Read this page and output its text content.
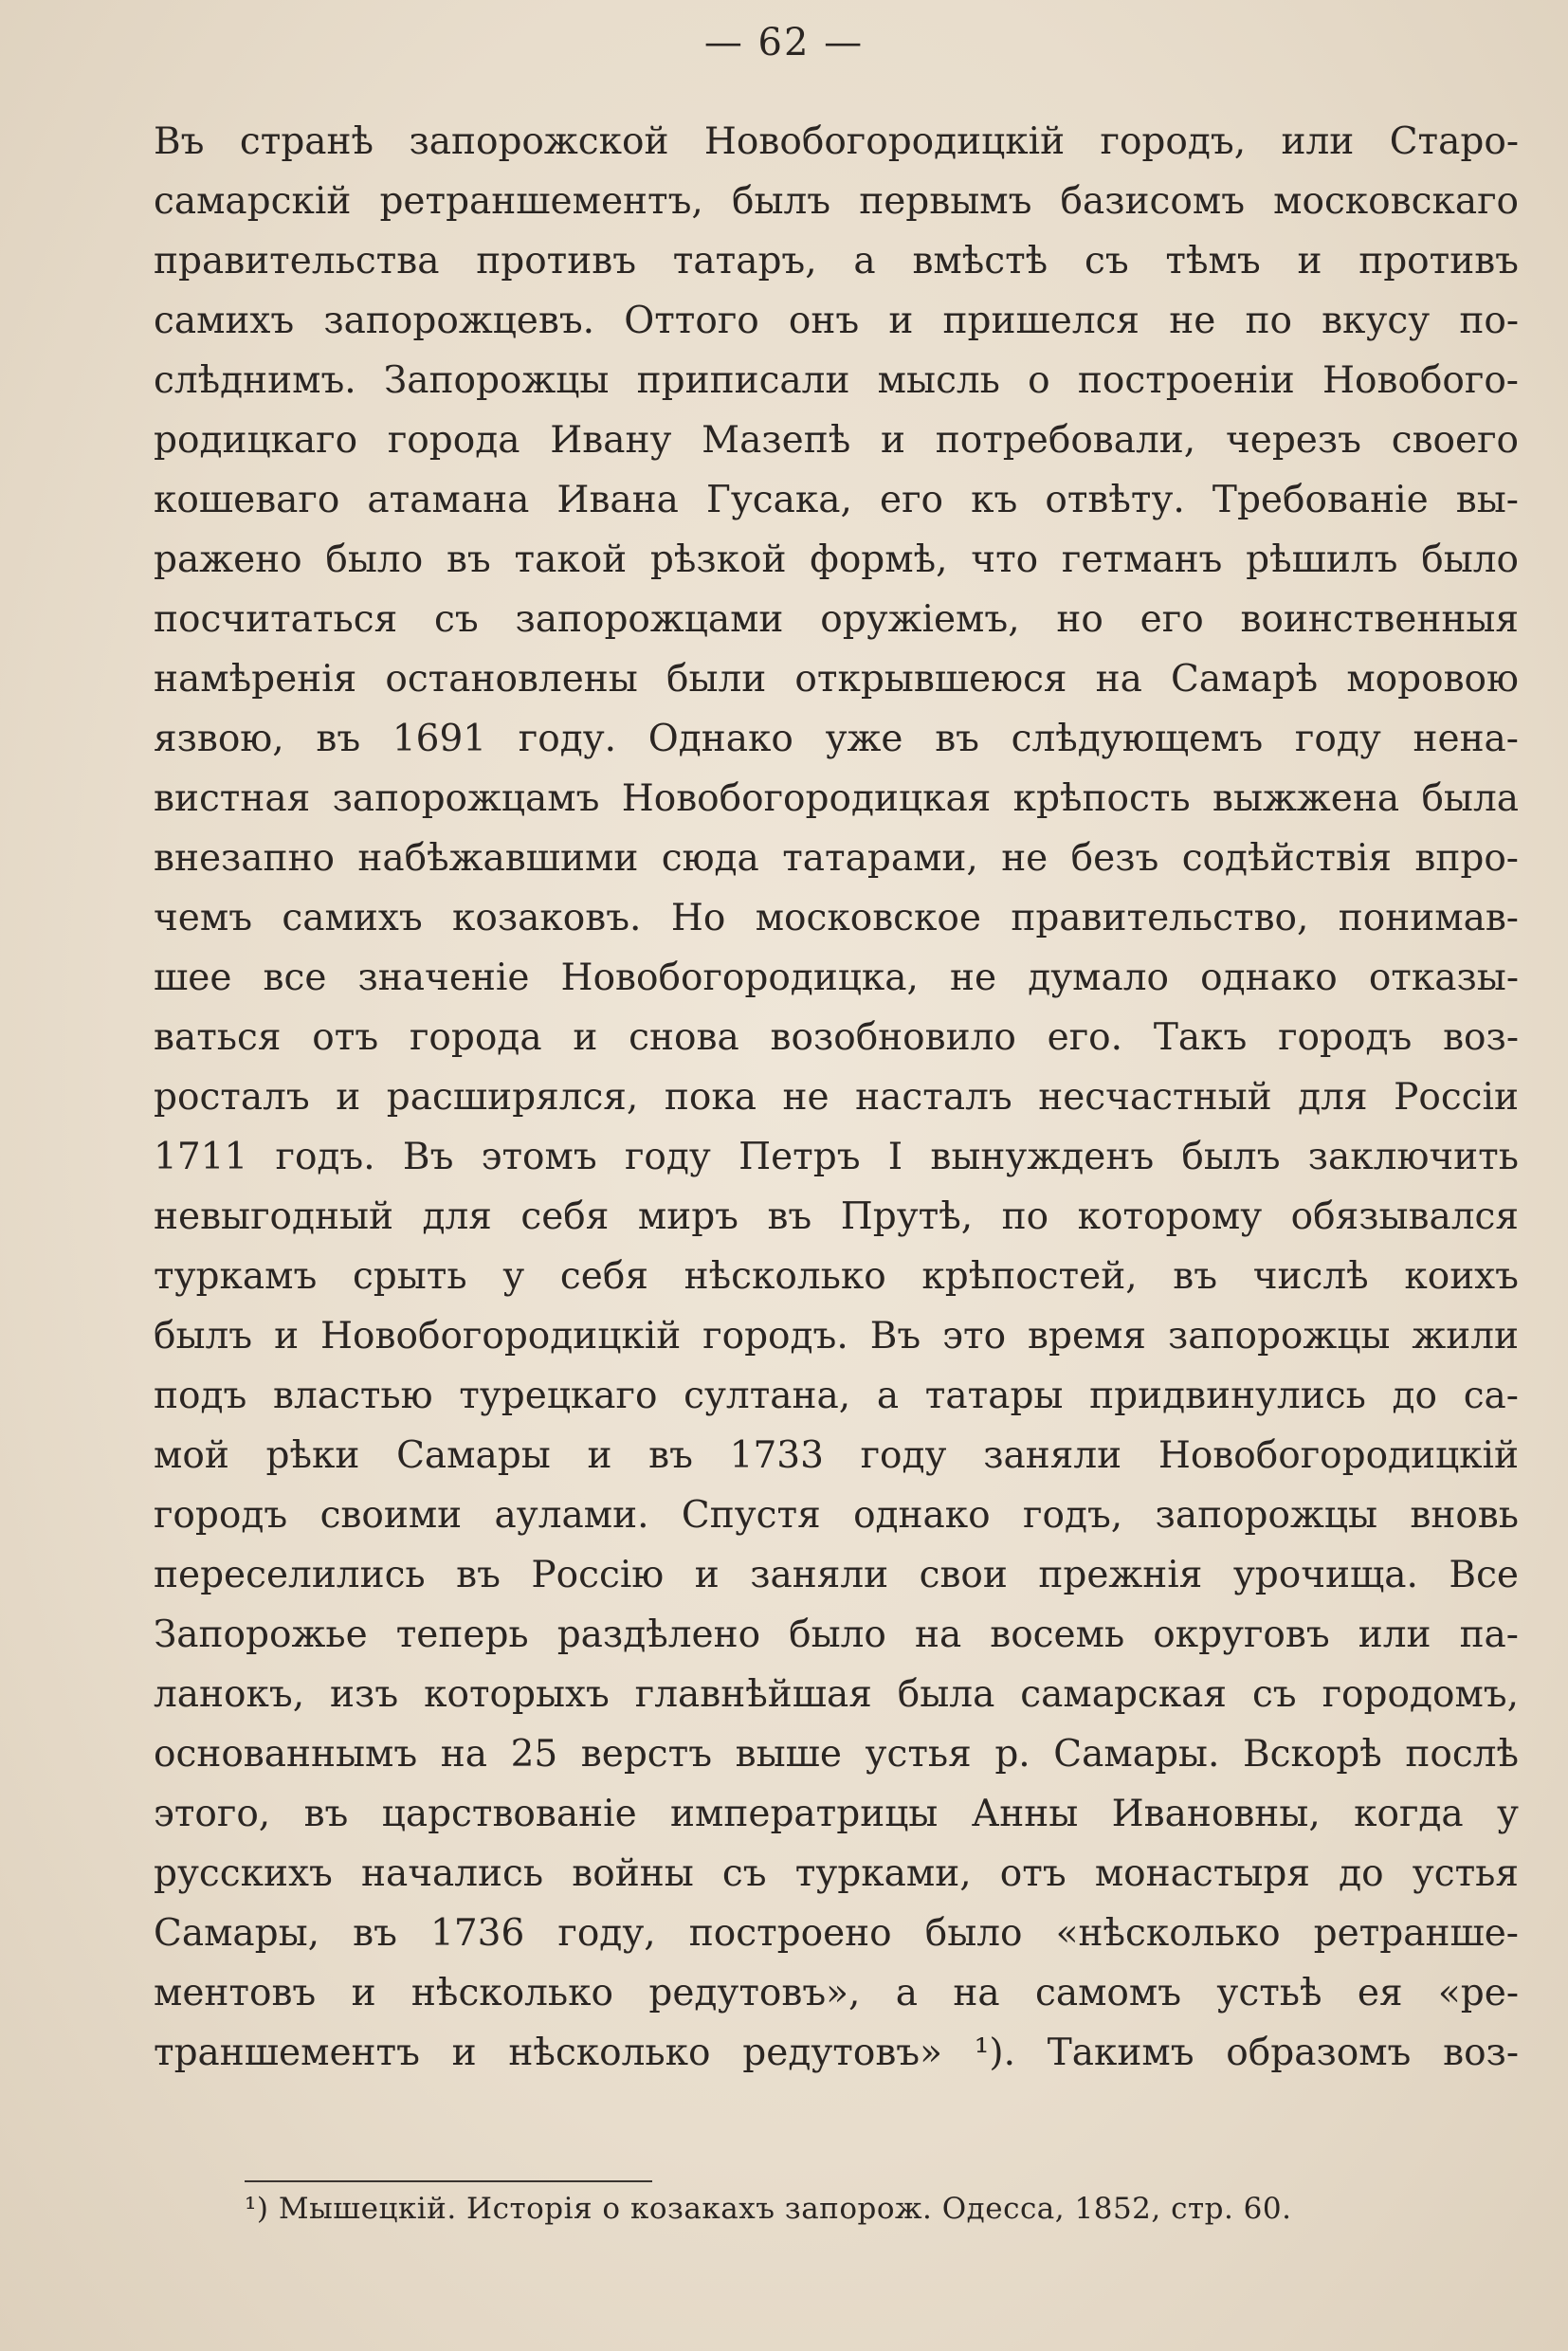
— 62 —
Въ странѣ запорожской Новобогородицкій городъ, или Старо-
самарскій ретраншементъ, былъ первымъ базисомъ московскаго
правительства противъ татаръ, а вмѣстѣ съ тѣмъ и противъ
самихъ запорожцевъ. Оттого онъ и пришелся не по вкусу по-
слѣднимъ. Запорожцы приписали мысль о построеніи Новобого-
родицкаго города Ивану Мазепѣ и потребовали, черезъ своего
кошеваго атамана Ивана Гусака, его къ отвѣту. Требованіе вы-
ражено было въ такой рѣзкой формѣ, что гетманъ рѣшилъ было
посчитаться съ запорожцами оружіемъ, но его воинственныя
намѣренія остановлены были открывшеюся на Самарѣ моровою
язвою, въ 1691 году. Однако уже въ слѣдующемъ году нена-
вистная запорожцамъ Новобогородицкая крѣпость выжжена была
внезапно набѣжавшими сюда татарами, не безъ содѣйствія впро-
чемъ самихъ козаковъ. Но московское правительство, понимав-
шее все значеніе Новобогородицка, не думало однако отказы-
ваться отъ города и снова возобновило его. Такъ городъ воз-
росталъ и расширялся, пока не насталъ несчастный для Россіи
1711 годъ. Въ этомъ году Петръ I вынужденъ былъ заключить
невыгодный для себя миръ въ Прутѣ, по которому обязывался
туркамъ срыть у себя нѣсколько крѣпостей, въ числѣ коихъ
былъ и Новобогородицкій городъ. Въ это время запорожцы жили
подъ властью турецкаго султана, а татары придвинулись до са-
мой рѣки Самары и въ 1733 году заняли Новобогородицкій
городъ своими аулами. Спустя однако годъ, запорожцы вновь
переселились въ Россію и заняли свои прежнія урочища. Все
Запорожье теперь раздѣлено было на восемь округовъ или па-
ланокъ, изъ которыхъ главнѣйшая была самарская съ городомъ,
основаннымъ на 25 верстъ выше устья р. Самары. Вскорѣ послѣ
этого, въ царствованіе императрицы Анны Ивановны, когда у
русскихъ начались войны съ турками, отъ монастыря до устья
Самары, въ 1736 году, построено было «нѣсколько ретранше-
ментовъ и нѣсколько редутовъ», а на самомъ устьѣ ея «ре-
траншементъ и нѣсколько редутовъ» ¹). Такимъ образомъ воз-
¹) Мышецкій. Исторія о козакахъ запорож. Одесса, 1852, стр. 60.
